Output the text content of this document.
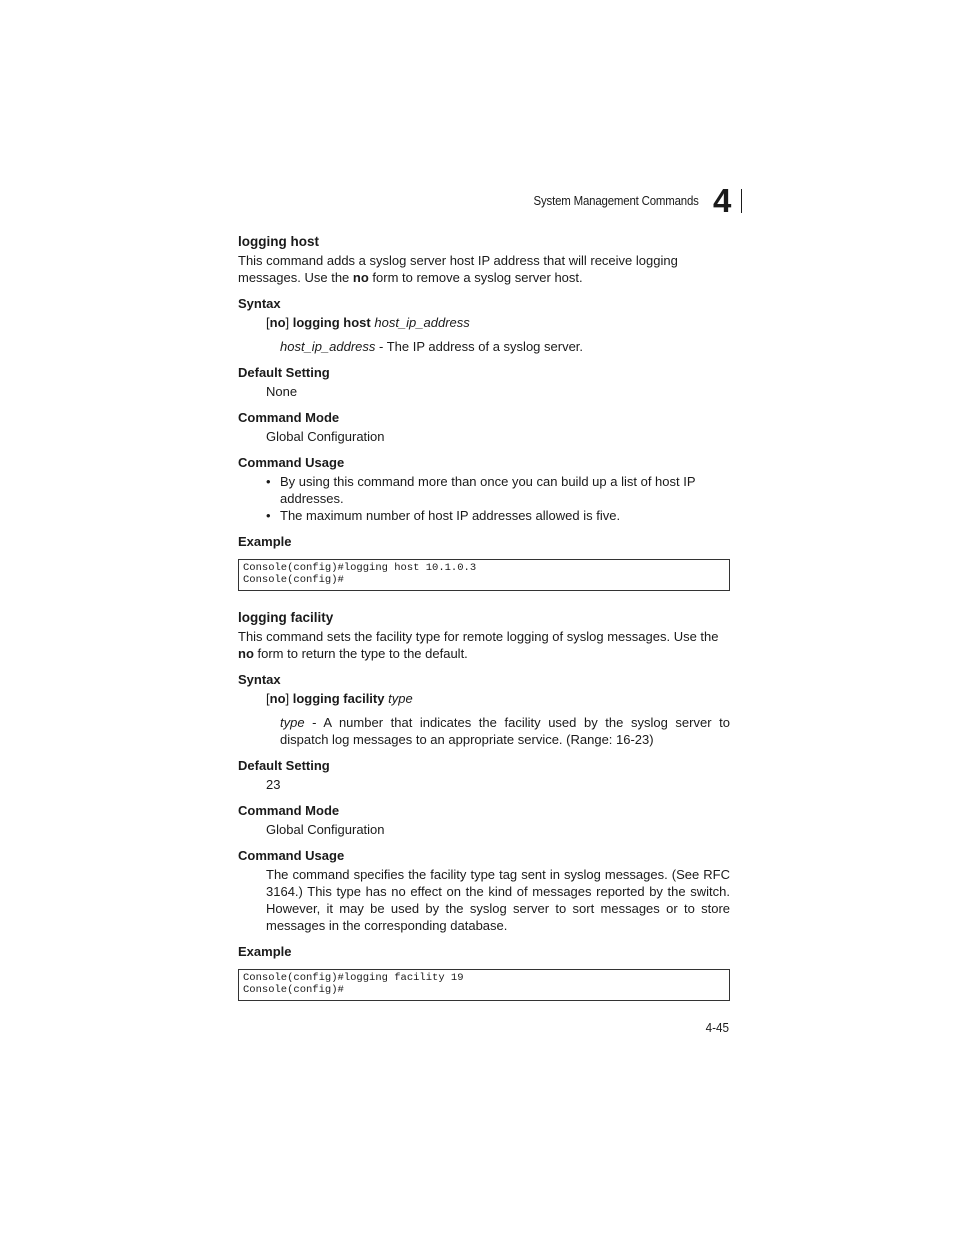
System Management Commands 4
logging host

This command adds a syslog server host IP address that will receive logging messages. Use the no form to remove a syslog server host.

Syntax

[no] logging host host_ip_address

host_ip_address - The IP address of a syslog server.

Default Setting

None

Command Mode

Global Configuration

Command Usage
• By using this command more than once you can build up a list of host IP addresses.
• The maximum number of host IP addresses allowed is five.
Example
Console(config)#logging host 10.1.0.3
Console(config)#
logging facility

This command sets the facility type for remote logging of syslog messages. Use the no form to return the type to the default.

Syntax

[no] logging facility type

type - A number that indicates the facility used by the syslog server to dispatch log messages to an appropriate service. (Range: 16-23)

Default Setting

23

Command Mode

Global Configuration

Command Usage

The command specifies the facility type tag sent in syslog messages. (See RFC 3164.) This type has no effect on the kind of messages reported by the switch. However, it may be used by the syslog server to sort messages or to store messages in the corresponding database.

Example
Console(config)#logging facility 19
Console(config)#
4-45
